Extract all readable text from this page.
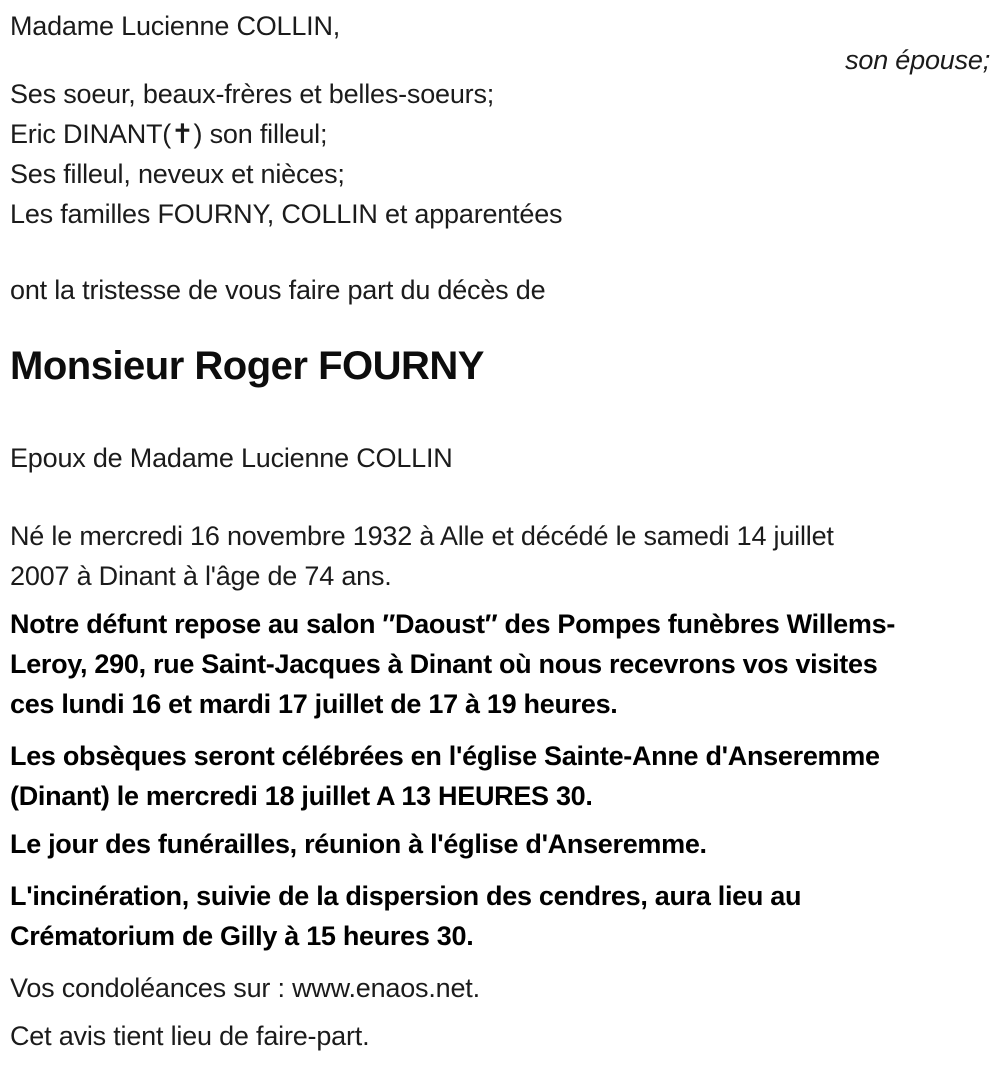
Madame Lucienne COLLIN,
son épouse;
Ses soeur, beaux-frères et belles-soeurs;
Eric DINANT(✝) son filleul;
Ses filleul, neveux et nièces;
Les familles FOURNY, COLLIN et apparentées
ont la tristesse de vous faire part du décès de
Monsieur Roger FOURNY
Epoux de Madame Lucienne COLLIN
Né le mercredi 16 novembre 1932 à Alle et décédé le samedi 14 juillet
2007 à Dinant à l'âge de 74 ans.
Notre défunt repose au salon ″Daoust″ des Pompes funèbres Willems-
Leroy, 290, rue Saint-Jacques à Dinant où nous recevrons vos visites
ces lundi 16 et mardi 17 juillet de 17 à 19 heures.
Les obsèques seront célébrées en l'église Sainte-Anne d'Anseremme
(Dinant) le mercredi 18 juillet A 13 HEURES 30.
Le jour des funérailles, réunion à l'église d'Anseremme.
L'incinération, suivie de la dispersion des cendres, aura lieu au
Crématorium de Gilly à 15 heures 30.
Vos condoléances sur : www.enaos.net.
Cet avis tient lieu de faire-part.
